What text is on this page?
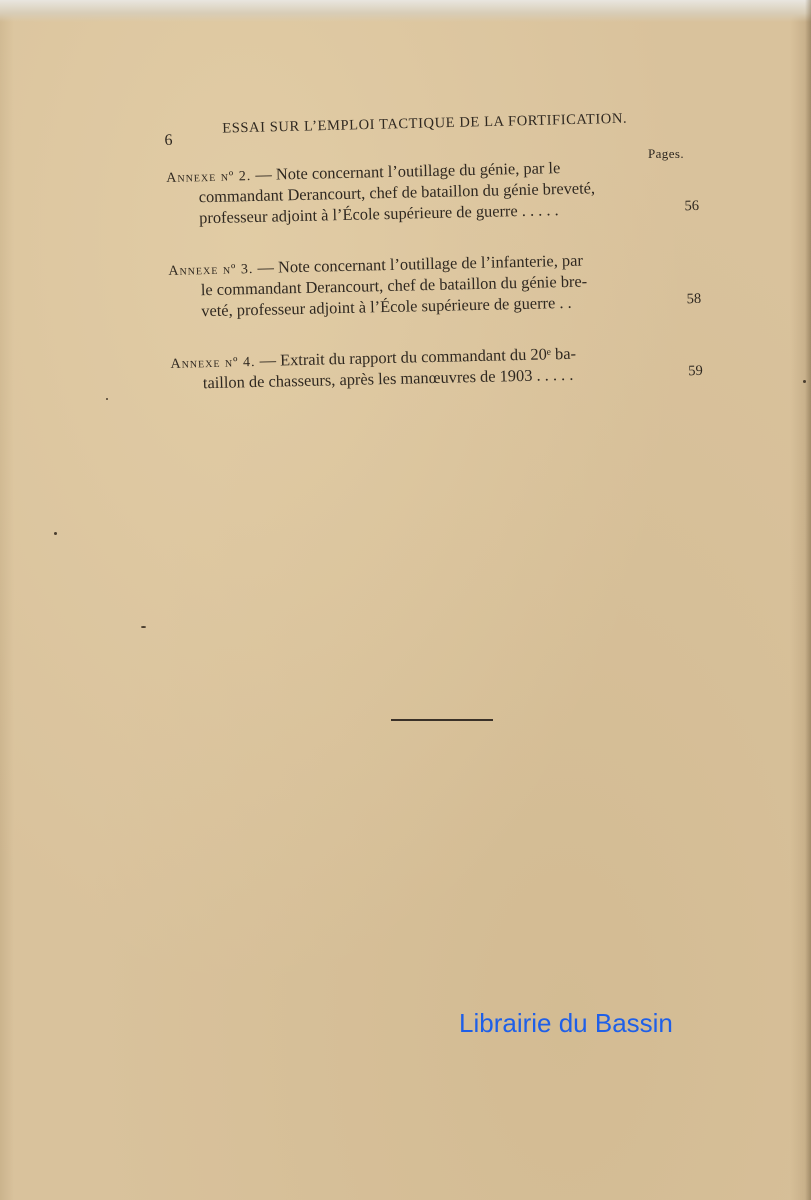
6
ESSAI SUR L’EMPLOI TACTIQUE DE LA FORTIFICATION.
Pages.
Annexe nº 2. — Note concernant l’outillage du génie, par le
commandant Derancourt, chef de bataillon du génie breveté,
professeur adjoint à l’École supérieure de guerre . . . . .	56
Annexe nº 3. — Note concernant l’outillage de l’infanterie, par
le commandant Derancourt, chef de bataillon du génie bre-
veté, professeur adjoint à l’École supérieure de guerre . .	58
Annexe nº 4. — Extrait du rapport du commandant du 20ᵉ ba-
taillon de chasseurs, après les manœuvres de 1903 . . . . .	59
Librairie du Bassin
